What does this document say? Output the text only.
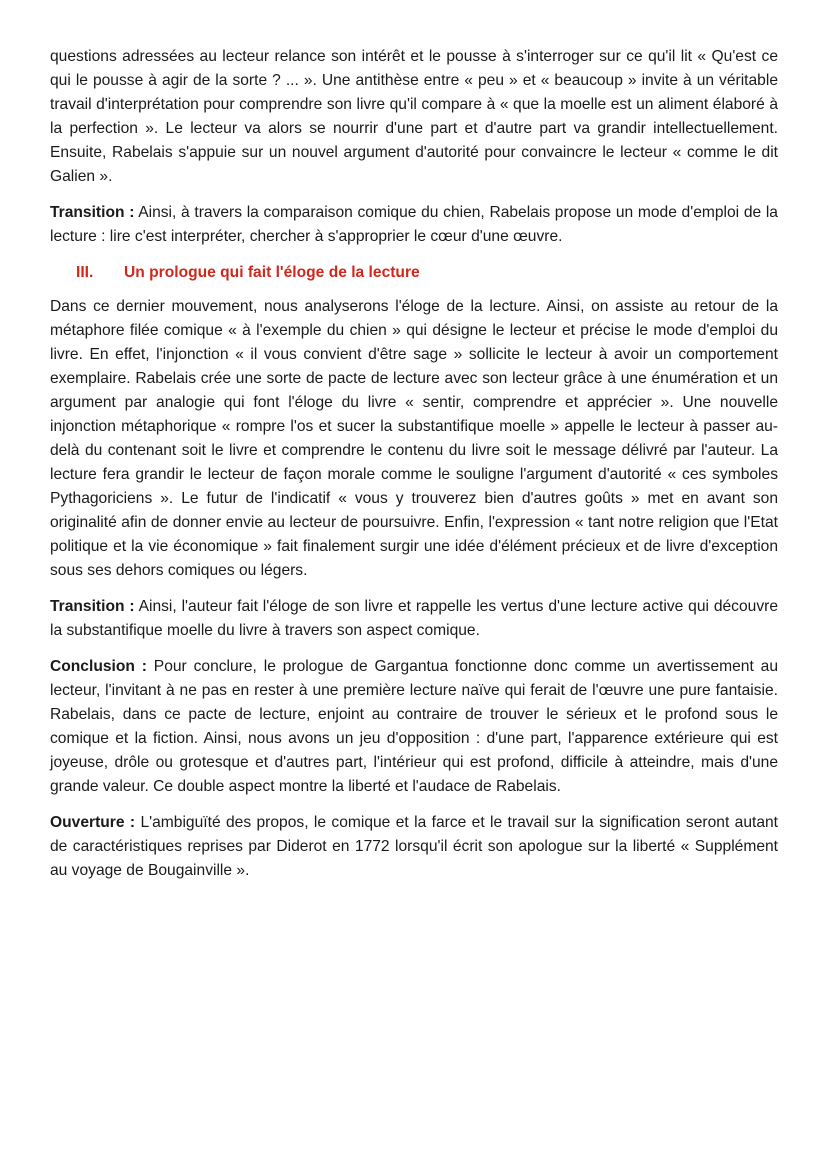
questions adressées au lecteur relance son intérêt et le pousse à s'interroger sur ce qu'il lit « Qu'est ce qui le pousse à agir de la sorte ? ... ». Une antithèse entre « peu » et « beaucoup » invite à un véritable travail d'interprétation pour comprendre son livre qu'il compare à « que la moelle est un aliment élaboré à la perfection ». Le lecteur va alors se nourrir d'une part et d'autre part va grandir intellectuellement. Ensuite, Rabelais s'appuie sur un nouvel argument d'autorité pour convaincre le lecteur « comme le dit Galien ».

Transition : Ainsi, à travers la comparaison comique du chien, Rabelais propose un mode d'emploi de la lecture : lire c'est interpréter, chercher à s'approprier le cœur d'une œuvre.

III. Un prologue qui fait l'éloge de la lecture

Dans ce dernier mouvement, nous analyserons l'éloge de la lecture. Ainsi, on assiste au retour de la métaphore filée comique « à l'exemple du chien » qui désigne le lecteur et précise le mode d'emploi du livre. En effet, l'injonction « il vous convient d'être sage » sollicite le lecteur à avoir un comportement exemplaire. Rabelais crée une sorte de pacte de lecture avec son lecteur grâce à une énumération et un argument par analogie qui font l'éloge du livre « sentir, comprendre et apprécier ». Une nouvelle injonction métaphorique « rompre l'os et sucer la substantifique moelle » appelle le lecteur à passer au-delà du contenant soit le livre et comprendre le contenu du livre soit le message délivré par l'auteur. La lecture fera grandir le lecteur de façon morale comme le souligne l'argument d'autorité « ces symboles Pythagoriciens ». Le futur de l'indicatif « vous y trouverez bien d'autres goûts » met en avant son originalité afin de donner envie au lecteur de poursuivre. Enfin, l'expression « tant notre religion que l'Etat politique et la vie économique » fait finalement surgir une idée d'élément précieux et de livre d'exception sous ses dehors comiques ou légers.

Transition : Ainsi, l'auteur fait l'éloge de son livre et rappelle les vertus d'une lecture active qui découvre la substantifique moelle du livre à travers son aspect comique.

Conclusion : Pour conclure, le prologue de Gargantua fonctionne donc comme un avertissement au lecteur, l'invitant à ne pas en rester à une première lecture naïve qui ferait de l'œuvre une pure fantaisie. Rabelais, dans ce pacte de lecture, enjoint au contraire de trouver le sérieux et le profond sous le comique et la fiction. Ainsi, nous avons un jeu d'opposition : d'une part, l'apparence extérieure qui est joyeuse, drôle ou grotesque et d'autres part, l'intérieur qui est profond, difficile à atteindre, mais d'une grande valeur. Ce double aspect montre la liberté et l'audace de Rabelais.

Ouverture : L'ambiguïté des propos, le comique et la farce et le travail sur la signification seront autant de caractéristiques reprises par Diderot en 1772 lorsqu'il écrit son apologue sur la liberté « Supplément au voyage de Bougainville ».
